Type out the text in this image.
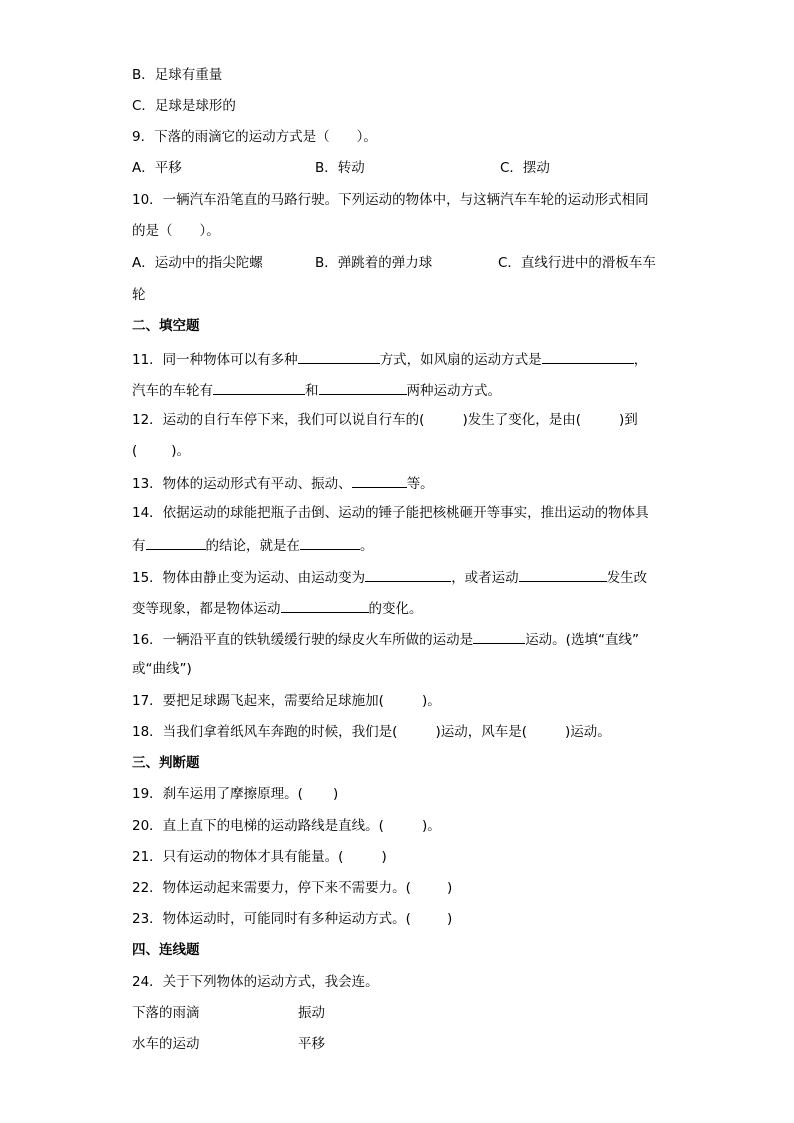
B．足球有重量
C．足球是球形的
9．下落的雨滴它的运动方式是（　　）。
A．平移	B．转动	C．摆动
10．一辆汽车沿笔直的马路行驶。下列运动的物体中，与这辆汽车车轮的运动形式相同
的是（　　）。
A．运动中的指尖陀螺	B．弹跳着的弹力球	C．直线行进中的滑板车车
轮
二、填空题
11．同一种物体可以有多种	方式，如风扇的运动方式是	，
汽车的车轮有	和	两种运动方式。
12．运动的自行车停下来，我们可以说自行车的(	)发生了变化，是由(	)到
(	)。
13．物体的运动形式有平动、振动、	等。
14．依据运动的球能把瓶子击倒、运动的锤子能把核桃砸开等事实，推出运动的物体具
有	的结论，就是在	。
15．物体由静止变为运动、由运动变为	，或者运动	发生改
变等现象，都是物体运动	的变化。
16．一辆沿平直的铁轨缓缓行驶的绿皮火车所做的运动是	运动。(选填“直线”
或“曲线”)
17．要把足球踢飞起来，需要给足球施加(	)。
18．当我们拿着纸风车奔跑的时候，我们是(	)运动，风车是(	)运动。
三、判断题
19．刹车运用了摩擦原理。( )
20．直上直下的电梯的运动路线是直线。(	)。
21．只有运动的物体才具有能量。(	)
22．物体运动起来需要力，停下来不需要力。(	)
23．物体运动时，可能同时有多种运动方式。(	)
四、连线题
24．关于下列物体的运动方式，我会连。
下落的雨滴	振动
水车的运动	平移
